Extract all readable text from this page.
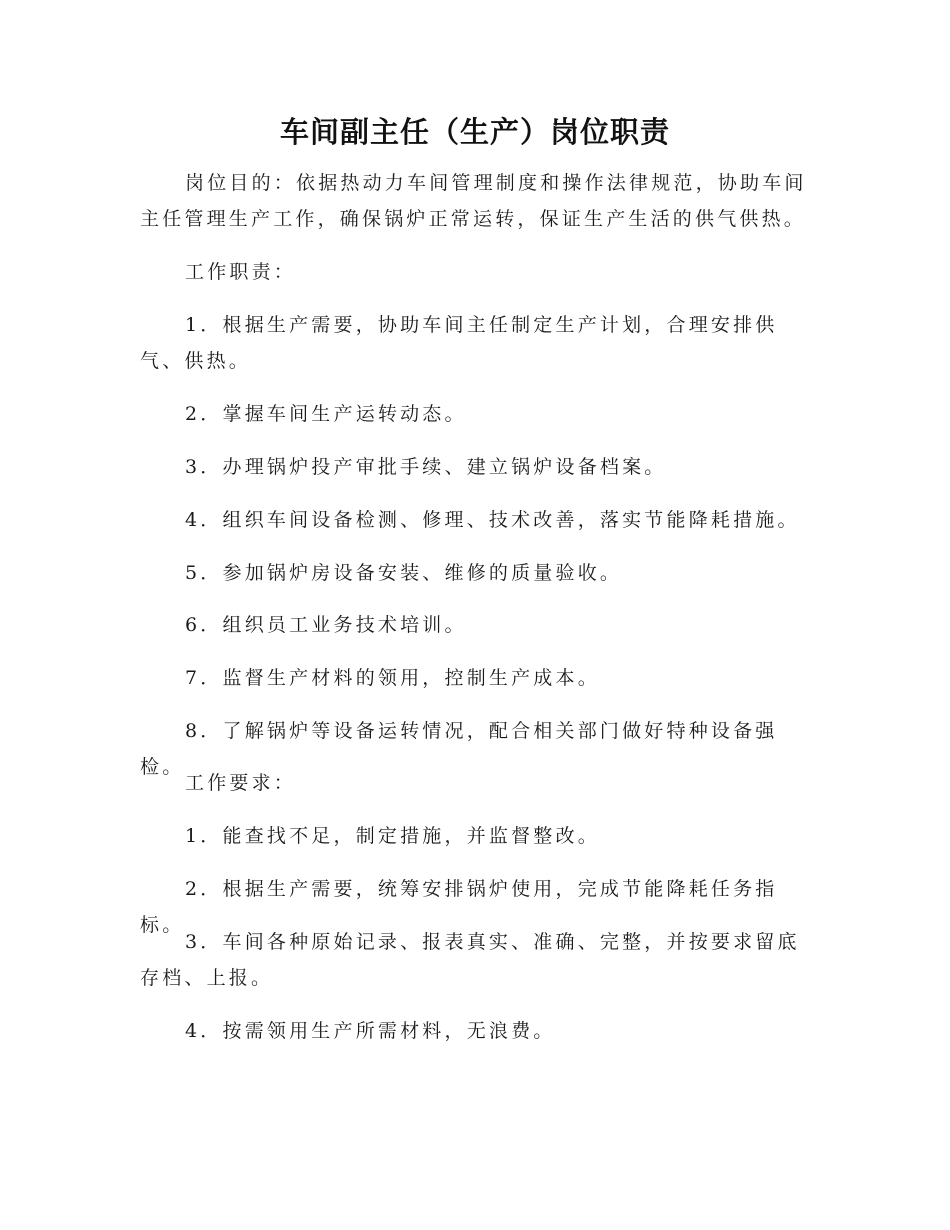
车间副主任（生产）岗位职责

岗位目的：依据热动力车间管理制度和操作法律规范，协助车间主任管理生产工作，确保锅炉正常运转，保证生产生活的供气供热。

工作职责：

1．根据生产需要，协助车间主任制定生产计划，合理安排供气、供热。

2．掌握车间生产运转动态。

3．办理锅炉投产审批手续、建立锅炉设备档案。

4．组织车间设备检测、修理、技术改善，落实节能降耗措施。

5．参加锅炉房设备安装、维修的质量验收。

6．组织员工业务技术培训。

7．监督生产材料的领用，控制生产成本。

8．了解锅炉等设备运转情况，配合相关部门做好特种设备强检。

工作要求：

1．能查找不足，制定措施，并监督整改。

2．根据生产需要，统筹安排锅炉使用，完成节能降耗任务指标。

3．车间各种原始记录、报表真实、准确、完整，并按要求留底存档、上报。

4．按需领用生产所需材料，无浪费。
